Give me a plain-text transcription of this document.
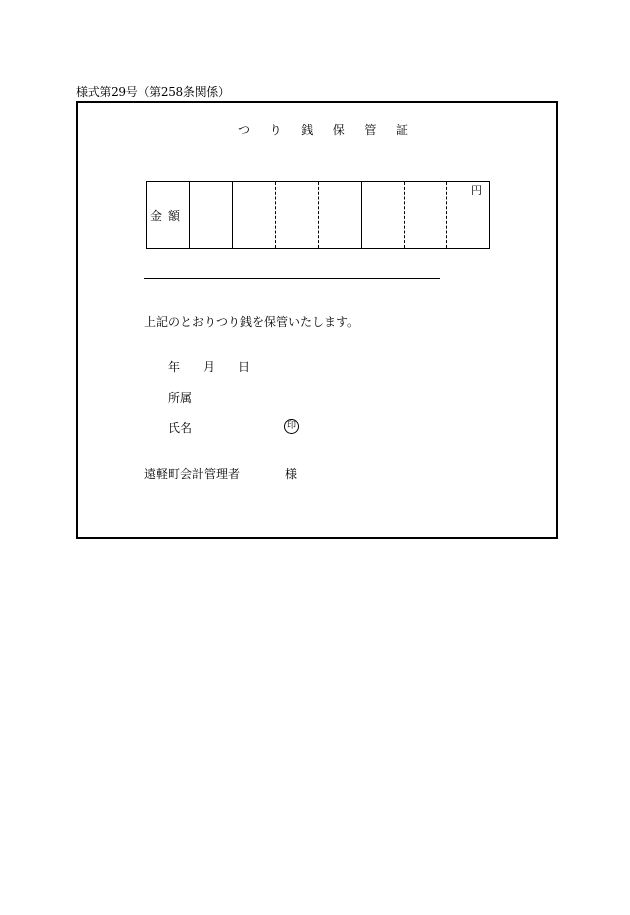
様式第29号（第258条関係）
つ り 銭 保 管 証
金額
円
上記のとおりつり銭を保管いたします。
年 月 日
所属
氏名	印
遠軽町会計管理者	様
